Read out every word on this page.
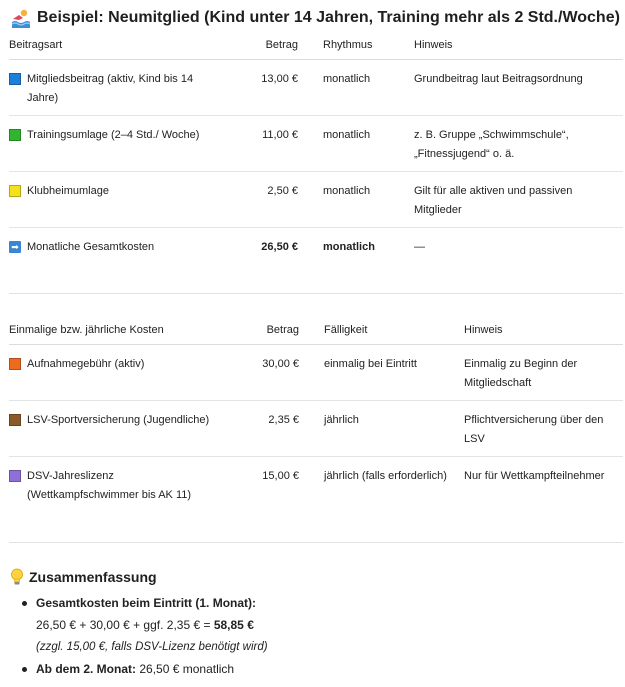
Beispiel: Neumitglied (Kind unter 14 Jahren, Training mehr als 2 Std./Woche)
Beitragsart	Betrag	Rhythmus	Hinweis

Mitgliedsbeitrag (aktiv, Kind bis 14 Jahre)	13,00 €	monatlich	Grundbeitrag laut Beitragsordnung

Trainingsumlage (2–4 Std./ Woche)	11,00 €	monatlich	z. B. Gruppe „Schwimmschule“, „Fitnessjugend“ o. ä.

Klubheimumlage	2,50 €	monatlich	Gilt für alle aktiven und passiven Mitglieder

➡ Monatliche Gesamtkosten	26,50 €	monatlich	—
Einmalige bzw. jährliche Kosten	Betrag	Fälligkeit	Hinweis

Aufnahmegebühr (aktiv)	30,00 €	einmalig bei Eintritt	Einmalig zu Beginn der Mitgliedschaft

LSV-Sportversicherung (Jugendliche)	2,35 €	jährlich	Pflichtversicherung über den LSV

DSV-Jahreslizenz (Wettkampfschwimmer bis AK 11)	15,00 €	jährlich (falls erforderlich)	Nur für Wettkampfteilnehmer
Zusammenfassung
Gesamtkosten beim Eintritt (1. Monat):
26,50 € + 30,00 € + ggf. 2,35 € = 58,85 €
(zzgl. 15,00 €, falls DSV-Lizenz benötigt wird)
Ab dem 2. Monat: 26,50 € monatlich
